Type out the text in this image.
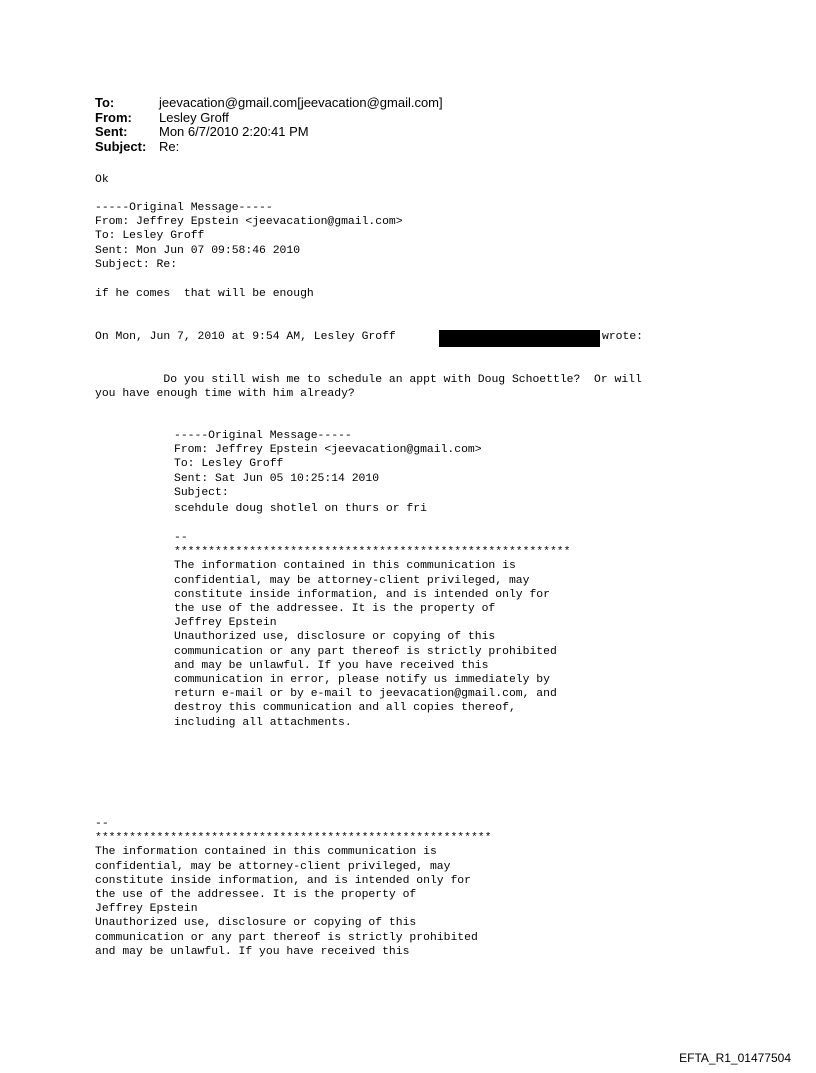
To:	jeevacation@gmail.com[jeevacation@gmail.com]
From:	Lesley Groff
Sent:	Mon 6/7/2010 2:20:41 PM
Subject: Re:
Ok
-----Original Message-----
From: Jeffrey Epstein <jeevacation@gmail.com>
To: Lesley Groff
Sent: Mon Jun 07 09:58:46 2010
Subject: Re:
if he comes  that will be enough
On Mon, Jun 7, 2010 at 9:54 AM, Lesley Groff	wrote:
Do you still wish me to schedule an appt with Doug Schoettle?  Or will
you have enough time with him already?
-----Original Message-----
From: Jeffrey Epstein <jeevacation@gmail.com>
To: Lesley Groff
Sent: Sat Jun 05 10:25:14 2010
Subject:
scehdule doug shotlel on thurs or fri
--
**********************************************************
The information contained in this communication is
confidential, may be attorney-client privileged, may
constitute inside information, and is intended only for
the use of the addressee. It is the property of
Jeffrey Epstein
Unauthorized use, disclosure or copying of this
communication or any part thereof is strictly prohibited
and may be unlawful. If you have received this
communication in error, please notify us immediately by
return e-mail or by e-mail to jeevacation@gmail.com, and
destroy this communication and all copies thereof,
including all attachments.
--
**********************************************************
The information contained in this communication is
confidential, may be attorney-client privileged, may
constitute inside information, and is intended only for
the use of the addressee. It is the property of
Jeffrey Epstein
Unauthorized use, disclosure or copying of this
communication or any part thereof is strictly prohibited
and may be unlawful. If you have received this
EFTA_R1_01477504
